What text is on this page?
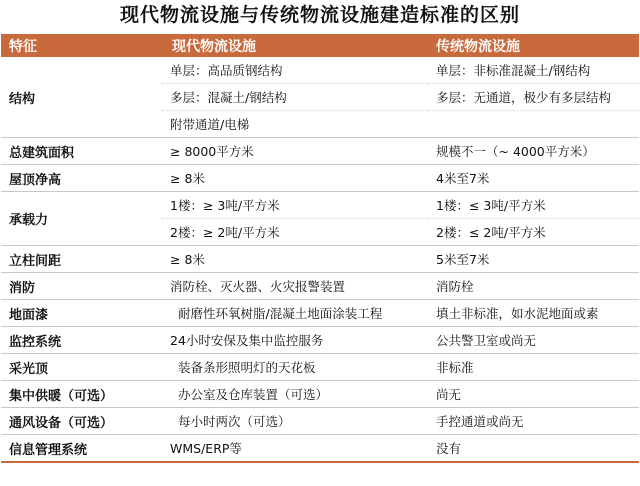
现代物流设施与传统物流设施建造标准的区别
特征	现代物流设施	传统物流设施
结构	单层：高品质钢结构	单层：非标准混凝土/钢结构
	多层：混凝土/钢结构	多层：无通道，极少有多层结构
	附带通道/电梯	
总建筑面积	≥ 8000平方米	规模不一（~ 4000平方米）
屋顶净高	≥ 8米	4米至7米
承载力	1楼：≥ 3吨/平方米	1楼：≤ 3吨/平方米
	2楼：≥ 2吨/平方米	2楼：≤ 2吨/平方米
立柱间距	≥ 8米	5米至7米
消防	消防栓、灭火器、火灾报警装置	消防栓
地面漆	耐磨性环氧树脂/混凝土地面涂装工程	填土非标准，如水泥地面或素
监控系统	24小时安保及集中监控服务	公共警卫室或尚无
采光顶	装备条形照明灯的天花板	非标准
集中供暖（可选）	办公室及仓库装置（可选）	尚无
通风设备（可选）	每小时两次（可选）	手控通道或尚无
信息管理系统	WMS/ERP等	没有
